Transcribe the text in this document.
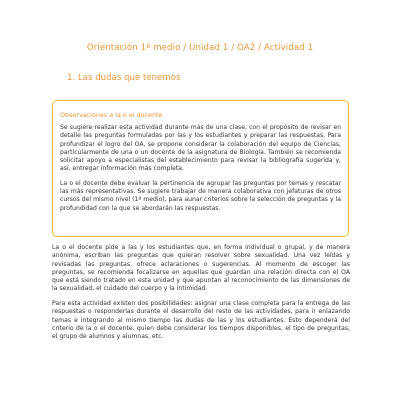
Orientación 1º medio / Unidad 1 / OA2 / Actividad 1
1. Las dudas que tenemos

Observaciones a la o el docente

Se sugiere realizar esta actividad durante más de una clase, con el propósito de revisar en detalle las preguntas formuladas por las y los estudiantes y preparar las respuestas. Para profundizar el logro del OA, se propone considerar la colaboración del equipo de Ciencias, particularmente de una o un docente de la asignatura de Biología. También se recomienda solicitar apoyo a especialistas del establecimiento para revisar la bibliografía sugerida y, así, entregar información más completa.

La o el docente debe evaluar la pertinencia de agrupar las preguntas por temas y rescatar las más representativas. Se sugiere trabajar de manera colaborativa con jefaturas de otros cursos del mismo nivel (1º medio), para aunar criterios sobre la selección de preguntas y la profundidad con la que se abordarán las respuestas.

La o el docente pide a las y los estudiantes que, en forma individual o grupal, y de manera anónima, escriban las preguntas que quieran resolver sobre sexualidad. Una vez leídas y revisadas las preguntas, ofrece aclaraciones o sugerencias. Al momento de escoger las preguntas, se recomienda focalizarse en aquellas que guardan una relación directa con el OA que está siendo tratado en esta unidad y que apuntan al reconocimiento de las dimensiones de la sexualidad, el cuidado del cuerpo y la intimidad.

Para esta actividad existen dos posibilidades: asignar una clase completa para la entrega de las respuestas o responderlas durante el desarrollo del resto de las actividades, para ir enlazando temas e integrando al mismo tiempo las dudas de las y los estudiantes. Esto dependerá del criterio de la o el docente, quien debe considerar los tiempos disponibles, el tipo de preguntas, el grupo de alumnos y alumnas, etc.
